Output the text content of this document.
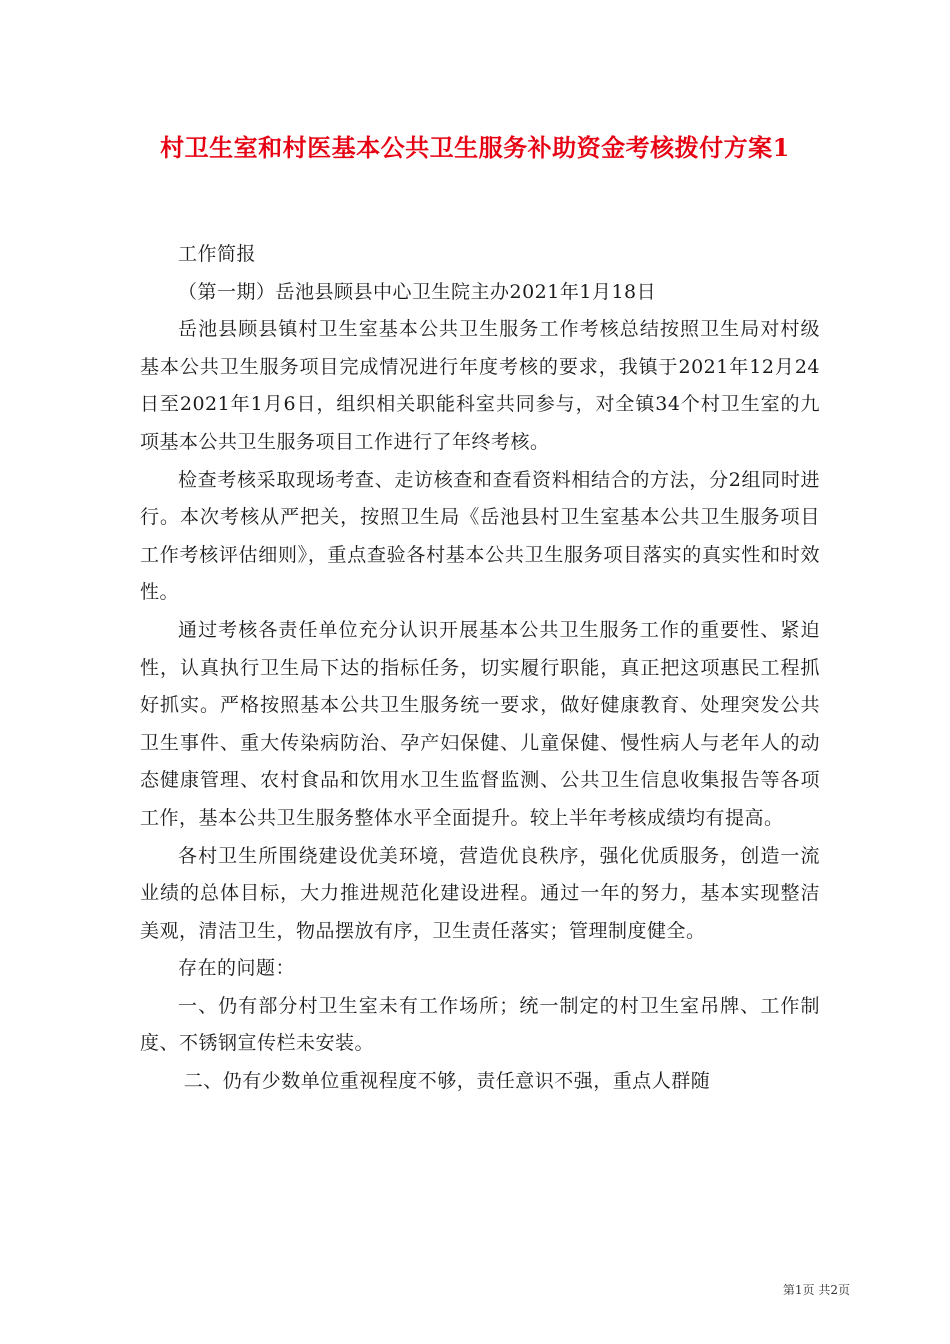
村卫生室和村医基本公共卫生服务补助资金考核拨付方案1

工作简报

（第一期）岳池县顾县中心卫生院主办2021年1月18日

岳池县顾县镇村卫生室基本公共卫生服务工作考核总结按照卫生局对村级基本公共卫生服务项目完成情况进行年度考核的要求，我镇于2021年12月24日至2021年1月6日，组织相关职能科室共同参与，对全镇34个村卫生室的九项基本公共卫生服务项目工作进行了年终考核。

检查考核采取现场考查、走访核查和查看资料相结合的方法，分2组同时进行。本次考核从严把关，按照卫生局《岳池县村卫生室基本公共卫生服务项目工作考核评估细则》，重点查验各村基本公共卫生服务项目落实的真实性和时效性。

通过考核各责任单位充分认识开展基本公共卫生服务工作的重要性、紧迫性，认真执行卫生局下达的指标任务，切实履行职能，真正把这项惠民工程抓好抓实。严格按照基本公共卫生服务统一要求，做好健康教育、处理突发公共卫生事件、重大传染病防治、孕产妇保健、儿童保健、慢性病人与老年人的动态健康管理、农村食品和饮用水卫生监督监测、公共卫生信息收集报告等各项工作，基本公共卫生服务整体水平全面提升。较上半年考核成绩均有提高。

各村卫生所围绕建设优美环境，营造优良秩序，强化优质服务，创造一流业绩的总体目标，大力推进规范化建设进程。通过一年的努力，基本实现整洁美观，清洁卫生，物品摆放有序，卫生责任落实；管理制度健全。

存在的问题：

一、仍有部分村卫生室未有工作场所；统一制定的村卫生室吊牌、工作制度、不锈钢宣传栏未安装。

二、仍有少数单位重视程度不够，责任意识不强，重点人群随

第1页 共2页
